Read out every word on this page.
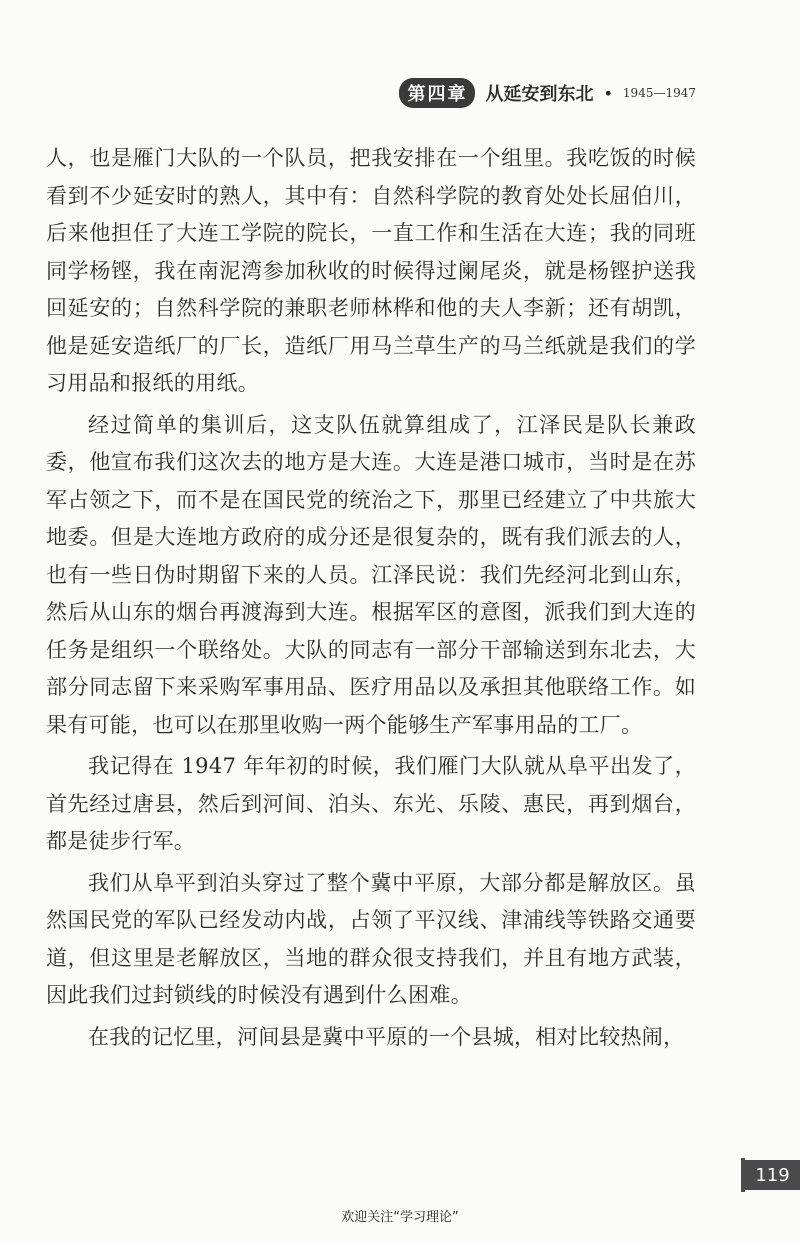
第四章	从延安到东北 • 1945—1947

人，也是雁门大队的一个队员，把我安排在一个组里。我吃饭的时候看到不少延安时的熟人，其中有：自然科学院的教育处处长屈伯川，后来他担任了大连工学院的院长，一直工作和生活在大连；我的同班同学杨铿，我在南泥湾参加秋收的时候得过阑尾炎，就是杨铿护送我回延安的；自然科学院的兼职老师林桦和他的夫人李新；还有胡凯，他是延安造纸厂的厂长，造纸厂用马兰草生产的马兰纸就是我们的学习用品和报纸的用纸。

经过简单的集训后，这支队伍就算组成了，江泽民是队长兼政委，他宣布我们这次去的地方是大连。大连是港口城市，当时是在苏军占领之下，而不是在国民党的统治之下，那里已经建立了中共旅大地委。但是大连地方政府的成分还是很复杂的，既有我们派去的人，也有一些日伪时期留下来的人员。江泽民说：我们先经河北到山东，然后从山东的烟台再渡海到大连。根据军区的意图，派我们到大连的任务是组织一个联络处。大队的同志有一部分干部输送到东北去，大部分同志留下来采购军事用品、医疗用品以及承担其他联络工作。如果有可能，也可以在那里收购一两个能够生产军事用品的工厂。

我记得在 1947 年年初的时候，我们雁门大队就从阜平出发了，首先经过唐县，然后到河间、泊头、东光、乐陵、惠民，再到烟台，都是徒步行军。

我们从阜平到泊头穿过了整个冀中平原，大部分都是解放区。虽然国民党的军队已经发动内战，占领了平汉线、津浦线等铁路交通要道，但这里是老解放区，当地的群众很支持我们，并且有地方武装，因此我们过封锁线的时候没有遇到什么困难。

在我的记忆里，河间县是冀中平原的一个县城，相对比较热闹，

119
欢迎关注“学习理论”
